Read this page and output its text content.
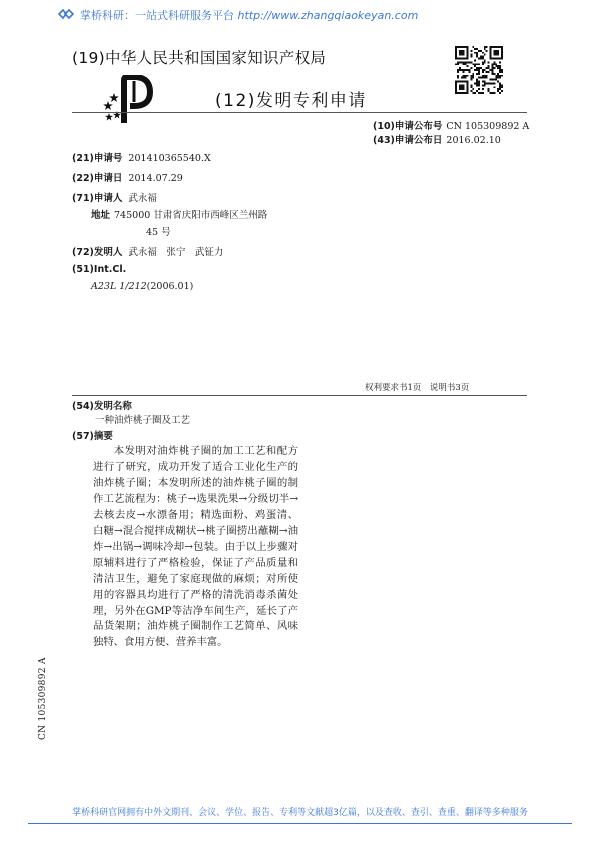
掌桥科研：一站式科研服务平台 http://www.zhangqiaokeyan.com
(19)中华人民共和国国家知识产权局
(12)发明专利申请
(10)申请公布号 CN 105309892 A
(43)申请公布日 2016.02.10
(21)申请号 201410365540.X
(22)申请日 2014.07.29
(71)申请人 武永福
地址 745000 甘肃省庆阳市西峰区兰州路
45 号
(72)发明人 武永福　张宁　武钲力
(51)Int.Cl.
A23L 1/212(2006.01)
权利要求书1页　说明书3页
(54)发明名称
一种油炸桃子圈及工艺
(57)摘要
本发明对油炸桃子圈的加工工艺和配方进行了研究，成功开发了适合工业化生产的油炸桃子圈；本发明所述的油炸桃子圈的制作工艺流程为：桃子→选果洗果→分级切半→去核去皮→水漂备用；精选面粉、鸡蛋清、白糖→混合搅拌成糊状→桃子圈捞出蘸糊→油炸→出锅→调味冷却→包装。由于以上步骤对原辅料进行了严格检验，保证了产品质量和清洁卫生，避免了家庭现做的麻烦；对所使用的容器具均进行了严格的清洗消毒杀菌处理，另外在GMP等洁净车间生产，延长了产品货架期；油炸桃子圈制作工艺简单、风味独特、食用方便、营养丰富。
CN 105309892 A
掌桥科研官网拥有中外文期刊、会议、学位、报告、专利等文献超3亿篇，以及查收、查引、查重、翻译等多种服务
